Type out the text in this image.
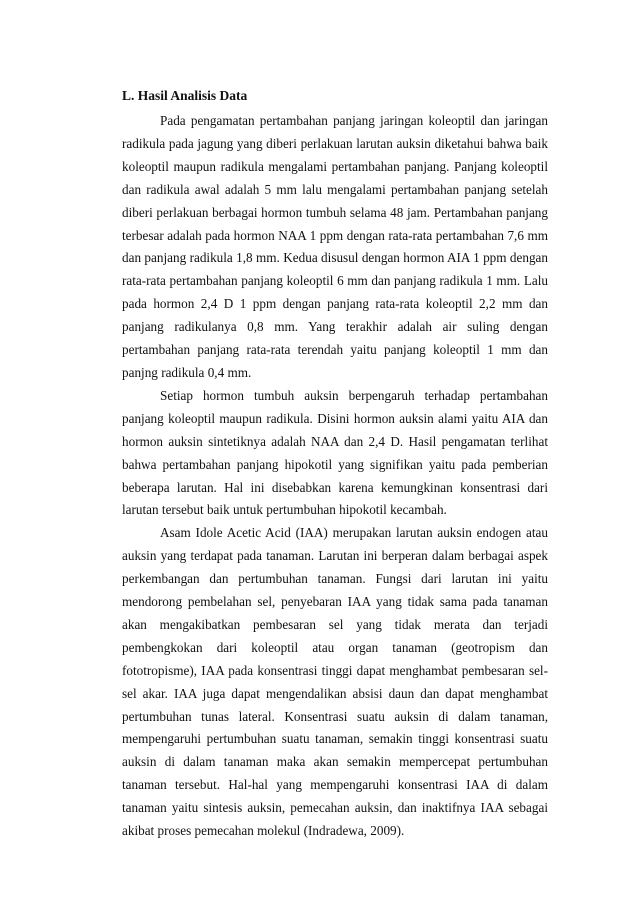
L. Hasil Analisis Data

Pada pengamatan pertambahan panjang jaringan koleoptil dan jaringan radikula pada jagung yang diberi perlakuan larutan auksin diketahui bahwa baik koleoptil maupun radikula mengalami pertambahan panjang. Panjang koleoptil dan radikula awal adalah 5 mm lalu mengalami pertambahan panjang setelah diberi perlakuan berbagai hormon tumbuh selama 48 jam. Pertambahan panjang terbesar adalah pada hormon NAA 1 ppm dengan rata-rata pertambahan 7,6 mm dan panjang radikula 1,8 mm. Kedua disusul dengan hormon AIA 1 ppm dengan rata-rata pertambahan panjang koleoptil 6 mm dan panjang radikula 1 mm. Lalu pada hormon 2,4 D 1 ppm dengan panjang rata-rata koleoptil 2,2 mm dan panjang radikulanya 0,8 mm. Yang terakhir adalah air suling dengan pertambahan panjang rata-rata terendah yaitu panjang koleoptil 1 mm dan panjng radikula 0,4 mm.

Setiap hormon tumbuh auksin berpengaruh terhadap pertambahan panjang koleoptil maupun radikula. Disini hormon auksin alami yaitu AIA dan hormon auksin sintetiknya adalah NAA dan 2,4 D. Hasil pengamatan terlihat bahwa pertambahan panjang hipokotil yang signifikan yaitu pada pemberian beberapa larutan. Hal ini disebabkan karena kemungkinan konsentrasi dari larutan tersebut baik untuk pertumbuhan hipokotil kecambah.

Asam Idole Acetic Acid (IAA) merupakan larutan auksin endogen atau auksin yang terdapat pada tanaman. Larutan ini berperan dalam berbagai aspek perkembangan dan pertumbuhan tanaman. Fungsi dari larutan ini yaitu mendorong pembelahan sel, penyebaran IAA yang tidak sama pada tanaman akan mengakibatkan pembesaran sel yang tidak merata dan terjadi pembengkokan dari koleoptil atau organ tanaman (geotropism dan fototropisme), IAA pada konsentrasi tinggi dapat menghambat pembesaran sel-sel akar. IAA juga dapat mengendalikan absisi daun dan dapat menghambat pertumbuhan tunas lateral. Konsentrasi suatu auksin di dalam tanaman, mempengaruhi pertumbuhan suatu tanaman, semakin tinggi konsentrasi suatu auksin di dalam tanaman maka akan semakin mempercepat pertumbuhan tanaman tersebut. Hal-hal yang mempengaruhi konsentrasi IAA di dalam tanaman yaitu sintesis auksin, pemecahan auksin, dan inaktifnya IAA sebagai akibat proses pemecahan molekul (Indradewa, 2009).
